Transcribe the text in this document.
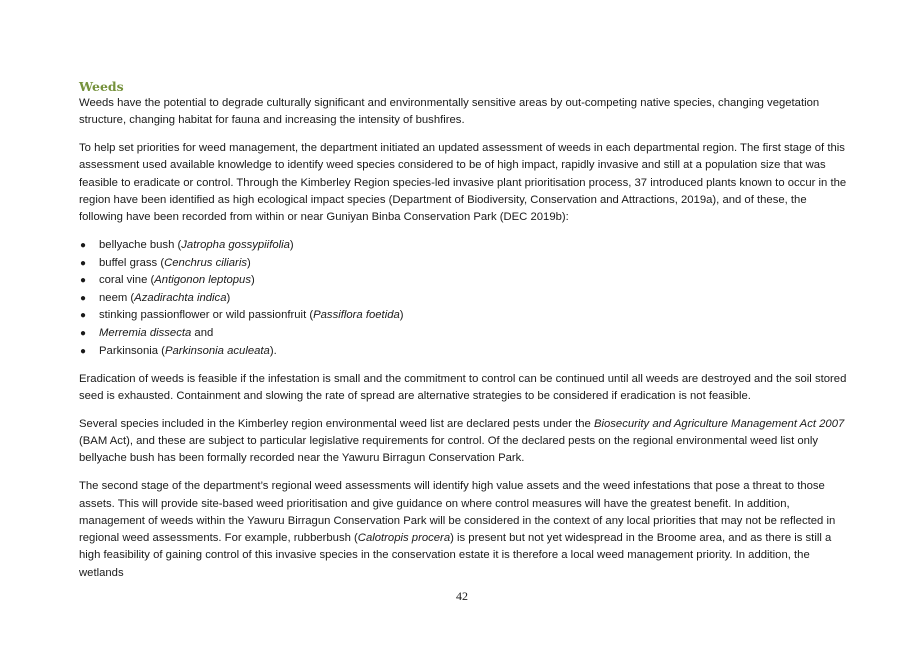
Weeds

Weeds have the potential to degrade culturally significant and environmentally sensitive areas by out-competing native species, changing vegetation structure, changing habitat for fauna and increasing the intensity of bushfires.

To help set priorities for weed management, the department initiated an updated assessment of weeds in each departmental region. The first stage of this assessment used available knowledge to identify weed species considered to be of high impact, rapidly invasive and still at a population size that was feasible to eradicate or control. Through the Kimberley Region species-led invasive plant prioritisation process, 37 introduced plants known to occur in the region have been identified as high ecological impact species (Department of Biodiversity, Conservation and Attractions, 2019a), and of these, the following have been recorded from within or near Guniyan Binba Conservation Park (DEC 2019b):

● bellyache bush (Jatropha gossypiifolia)
● buffel grass (Cenchrus ciliaris)
● coral vine (Antigonon leptopus)
● neem (Azadirachta indica)
● stinking passionflower or wild passionfruit (Passiflora foetida)
● Merremia dissecta and
● Parkinsonia (Parkinsonia aculeata).

Eradication of weeds is feasible if the infestation is small and the commitment to control can be continued until all weeds are destroyed and the soil stored seed is exhausted. Containment and slowing the rate of spread are alternative strategies to be considered if eradication is not feasible.

Several species included in the Kimberley region environmental weed list are declared pests under the Biosecurity and Agriculture Management Act 2007 (BAM Act), and these are subject to particular legislative requirements for control. Of the declared pests on the regional environmental weed list only bellyache bush has been formally recorded near the Yawuru Birragun Conservation Park.

The second stage of the department’s regional weed assessments will identify high value assets and the weed infestations that pose a threat to those assets. This will provide site-based weed prioritisation and give guidance on where control measures will have the greatest benefit. In addition, management of weeds within the Yawuru Birragun Conservation Park will be considered in the context of any local priorities that may not be reflected in regional weed assessments. For example, rubberbush (Calotropis procera) is present but not yet widespread in the Broome area, and as there is still a high feasibility of gaining control of this invasive species in the conservation estate it is therefore a local weed management priority. In addition, the wetlands

42
